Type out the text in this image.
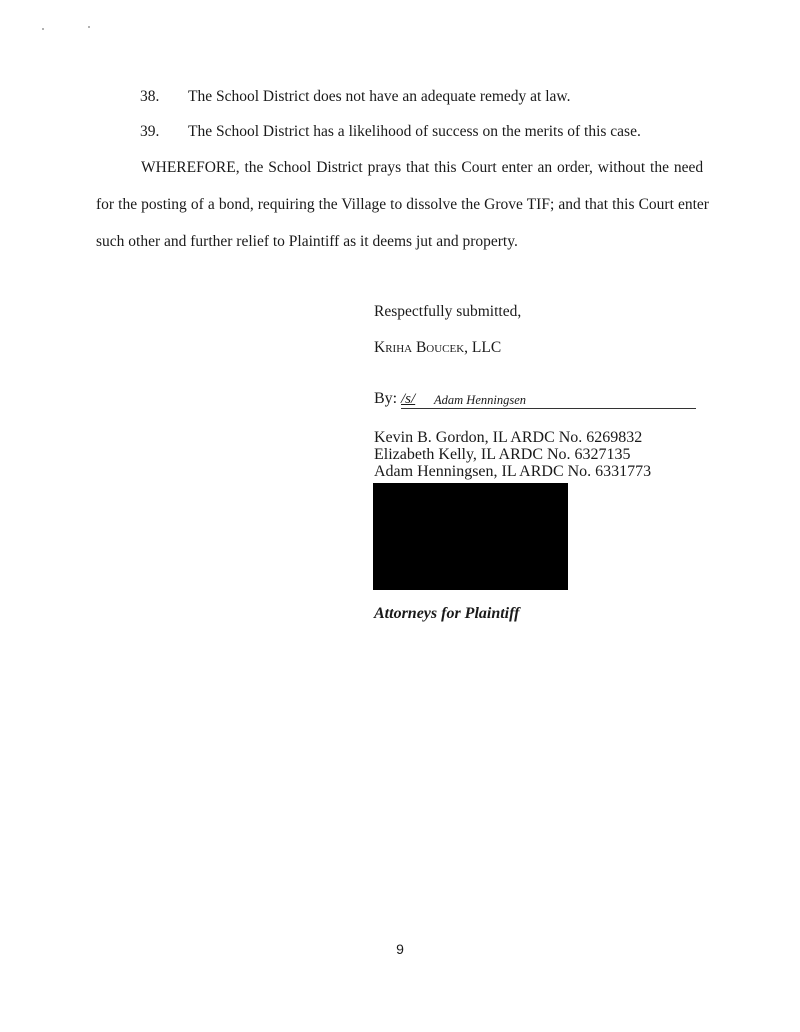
38. The School District does not have an adequate remedy at law.
39. The School District has a likelihood of success on the merits of this case.
WHEREFORE, the School District prays that this Court enter an order, without the need
for the posting of a bond, requiring the Village to dissolve the Grove TIF; and that this Court enter
such other and further relief to Plaintiff as it deems jut and property.
Respectfully submitted,
Kriha Boucek, LLC
By: /s/ Adam Henningsen
Kevin B. Gordon, IL ARDC No. 6269832
Elizabeth Kelly, IL ARDC No. 6327135
Adam Henningsen, IL ARDC No. 6331773
Attorneys for Plaintiff
9
